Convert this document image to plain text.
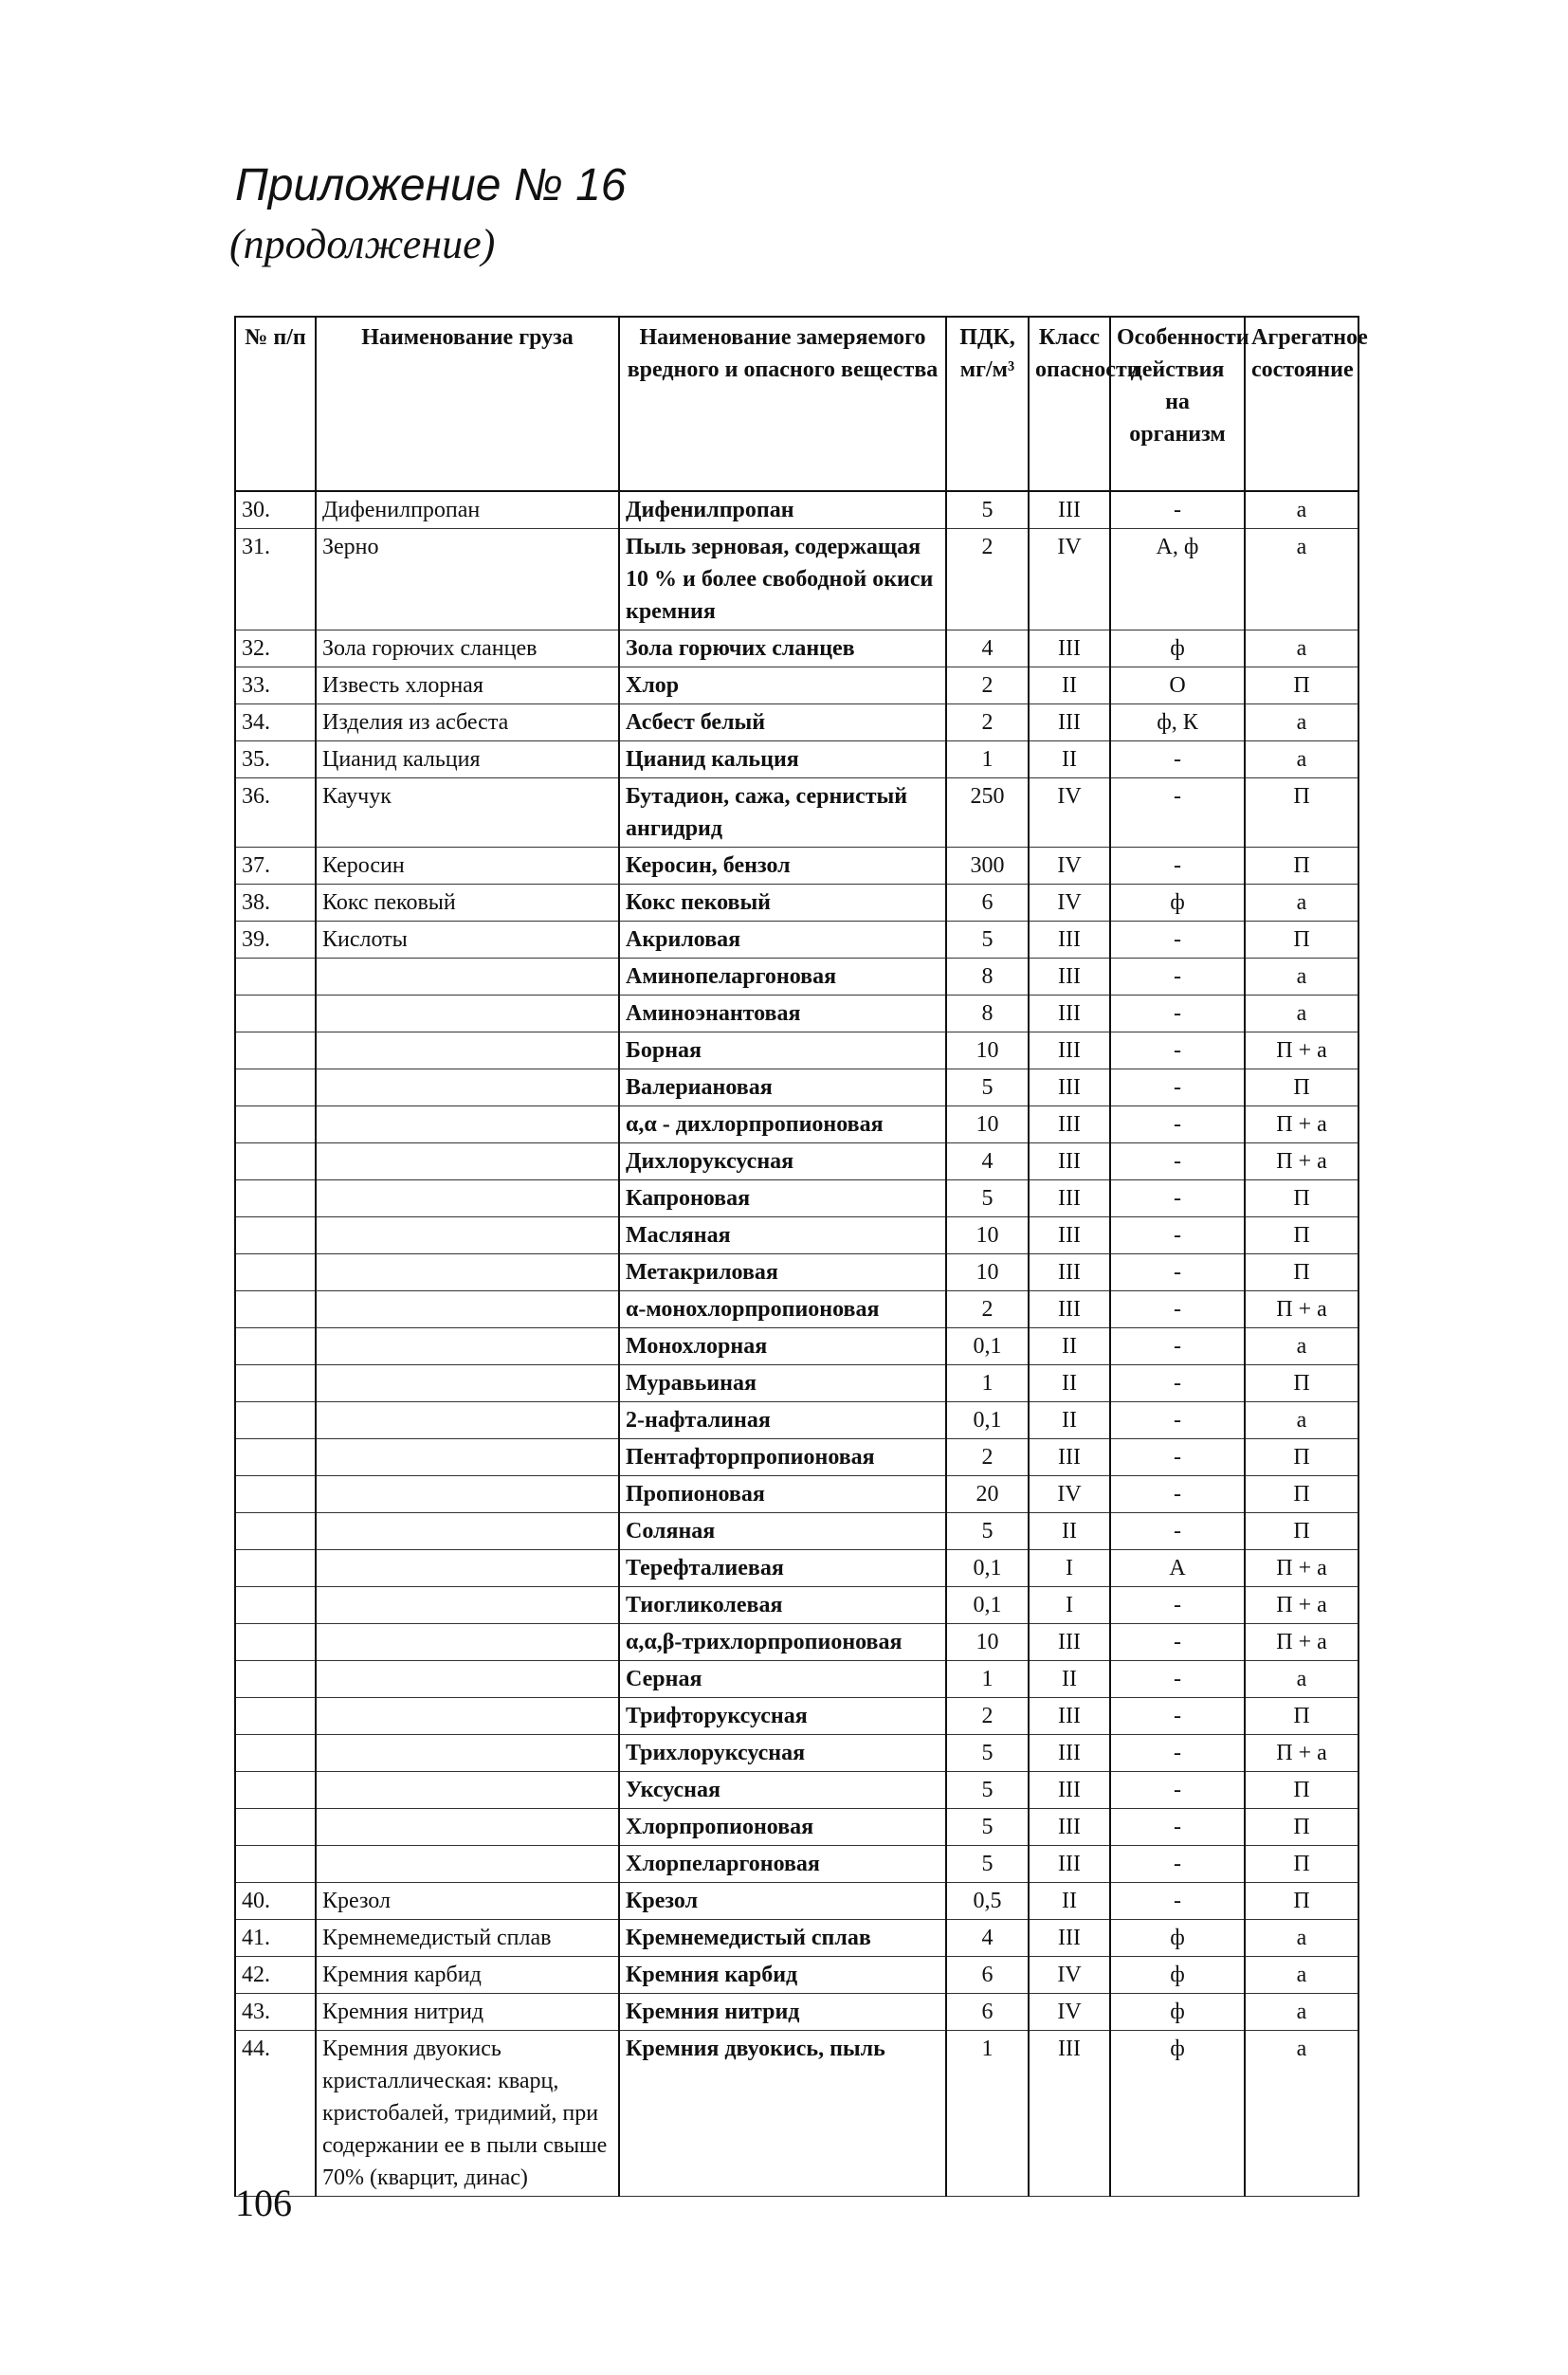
Приложение № 16
(продолжение)
№ п/п	Наименование груза	Наименование замеряемого вредного и опасного вещества	ПДК, мг/м³	Класс опасности	Особенности действия на организм	Агрегатное состояние
30.	Дифенилпропан	Дифенилпропан	5	III	-	а
31.	Зерно	Пыль зерновая, содержащая 10 % и более свободной окиси кремния	2	IV	А, ф	а
32.	Зола горючих сланцев	Зола горючих сланцев	4	III	ф	а
33.	Известь хлорная	Хлор	2	II	О	П
34.	Изделия из асбеста	Асбест белый	2	III	ф, К	а
35.	Цианид кальция	Цианид кальция	1	II	-	а
36.	Каучук	Бутадион, сажа, сернистый ангидрид	250	IV	-	П
37.	Керосин	Керосин, бензол	300	IV	-	П
38.	Кокс пековый	Кокс пековый	6	IV	ф	а
39.	Кислоты	Акриловая	5	III	-	П
		Аминопеларгоновая	8	III	-	а
		Аминоэнантовая	8	III	-	а
		Борная	10	III	-	П + а
		Валериановая	5	III	-	П
		α,α - дихлорпропионовая	10	III	-	П + а
		Дихлоруксусная	4	III	-	П + а
		Капроновая	5	III	-	П
		Масляная	10	III	-	П
		Метакриловая	10	III	-	П
		α-монохлорпропионовая	2	III	-	П + а
		Монохлорная	0,1	II	-	а
		Муравьиная	1	II	-	П
		2-нафталиная	0,1	II	-	а
		Пентафторпропионовая	2	III	-	П
		Пропионовая	20	IV	-	П
		Соляная	5	II	-	П
		Терефталиевая	0,1	I	А	П + а
		Тиогликолевая	0,1	I	-	П + а
		α,α,β-трихлорпропионовая	10	III	-	П + а
		Серная	1	II	-	а
		Трифторуксусная	2	III	-	П
		Трихлоруксусная	5	III	-	П + а
		Уксусная	5	III	-	П
		Хлорпропионовая	5	III	-	П
		Хлорпеларгоновая	5	III	-	П
40.	Крезол	Крезол	0,5	II	-	П
41.	Кремнемедистый сплав	Кремнемедистый сплав	4	III	ф	а
42.	Кремния карбид	Кремния карбид	6	IV	ф	а
43.	Кремния нитрид	Кремния нитрид	6	IV	ф	а
44.	Кремния двуокись кристаллическая: кварц, кристобалей, тридимий, при содержании ее в пыли свыше 70% (кварцит, динас)	Кремния двуокись, пыль	1	III	ф	а
106
